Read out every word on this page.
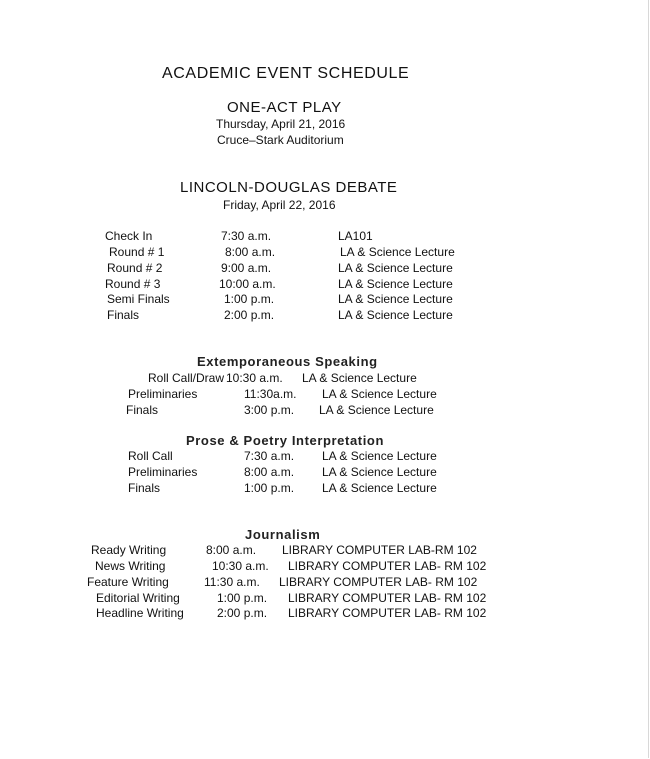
ACADEMIC EVENT SCHEDULE
ONE-ACT PLAY
Thursday, April 21, 2016
Cruce–Stark Auditorium
LINCOLN-DOUGLAS DEBATE
Friday, April 22, 2016
Check In	7:30 a.m.	LA101
Round # 1	8:00 a.m.	LA & Science Lecture
Round # 2	9:00 a.m.	LA & Science Lecture
Round # 3	10:00 a.m.	LA & Science Lecture
Semi Finals	1:00 p.m.	LA & Science Lecture
Finals	2:00 p.m.	LA & Science Lecture
Extemporaneous Speaking
Roll Call/Draw 10:30 a.m. LA & Science Lecture
Preliminaries	11:30a.m. LA & Science Lecture
Finals	3:00 p.m. LA & Science Lecture
Prose & Poetry Interpretation
Roll Call	7:30 a.m. LA & Science Lecture
Preliminaries	8:00 a.m. LA & Science Lecture
Finals	1:00 p.m. LA & Science Lecture
Journalism
Ready Writing	8:00 a.m. LIBRARY COMPUTER LAB-RM 102
News Writing	10:30 a.m. LIBRARY COMPUTER LAB- RM 102
Feature Writing	11:30 a.m. LIBRARY COMPUTER LAB- RM 102
Editorial Writing	1:00 p.m. LIBRARY COMPUTER LAB- RM 102
Headline Writing	2:00 p.m. LIBRARY COMPUTER LAB- RM 102
